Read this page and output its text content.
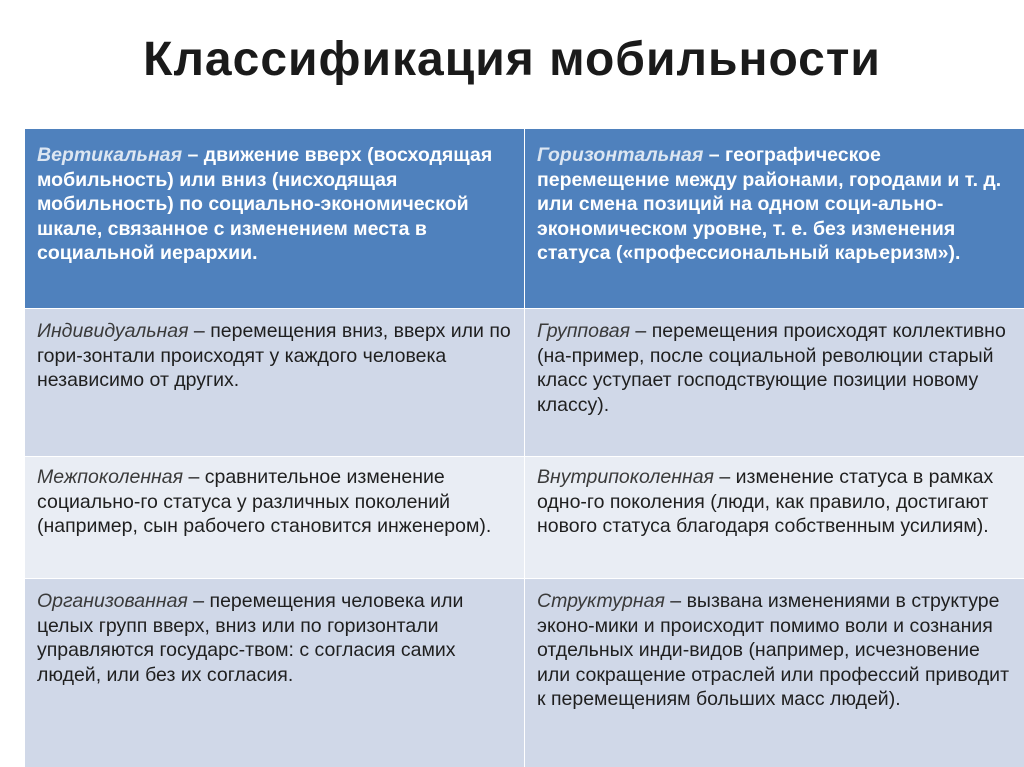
Классификация мобильности
Вертикальная – движение вверх (восходящая мобильность) или вниз (нисходящая мобильность) по социально-экономической шкале, связанное с изменением места в социальной иерархии.
Горизонтальная – географическое перемещение между районами, городами и т. д. или смена позиций на одном соци-ально-экономическом уровне, т. е. без изменения статуса («профессиональный карьеризм»).
Индивидуальная – перемещения вниз, вверх или по гори-зонтали происходят у каждого человека независимо от других.
Групповая – перемещения происходят коллективно (на-пример, после социальной революции старый класс уступает господствующие позиции новому классу).
Межпоколенная – сравнительное изменение социально-го статуса у различных поколений (например, сын рабочего становится инженером).
Внутрипоколенная – изменение статуса в рамках одно-го поколения (люди, как правило, достигают нового статуса благодаря собственным усилиям).
Организованная – перемещения человека или целых групп вверх, вниз или по горизонтали управляются государс-твом: с согласия самих людей, или без их согласия.
Структурная – вызвана изменениями в структуре эконо-мики и происходит помимо воли и сознания отдельных инди-видов (например, исчезновение или сокращение отраслей или профессий приводит к перемещениям больших масс людей).
